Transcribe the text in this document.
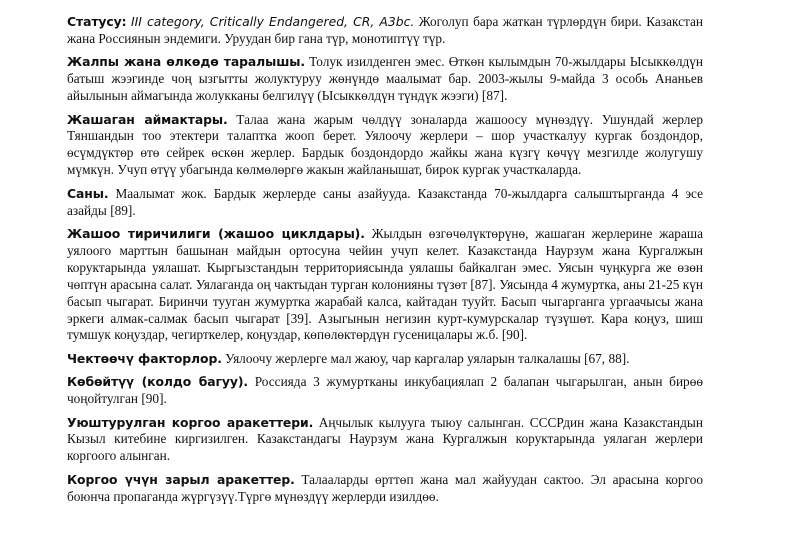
Статусу: III category, Critically Endangered, CR, A3bc. Жоголуп бара жаткан түрлөрдүн бири. Казакстан жана Россиянын эндемиги. Уруудан бир гана түр, монотиптүү түр.

Жалпы жана өлкөдө таралышы. Толук изилденген эмес. Өткөн кылымдын 70-жылдары Ысыккөлдүн батыш жээгинде чоң ызгытты жолуктуруу жөнүндө маалымат бар. 2003-жылы 9-майда 3 особь Ананьев айылынын аймагында жолукканы белгилүү (Ысыккөлдүн түндүк жээги) [87].

Жашаган аймактары. Талаа жана жарым чөлдүү зоналарда жашоосу мүнөздүү. Ушундай жерлер Тяншандын тоо этектери талаптка жооп берет. Уялоочу жерлери – шор участкалуу кургак боздондор, өсүмдүктөр өтө сейрек өскөн жерлер. Бардык боздондордо жайкы жана күзгү көчүү мезгилде жолугушу мүмкүн. Учуп өтүү убагында көлмөлөргө жакын жайланышат, бирок кургак участкаларда.

Саны. Маалымат жок. Бардык жерлерде саны азайууда. Казакстанда 70-жылдарга салыштырганда 4 эсе азайды [89].

Жашоо тиричилиги (жашоо циклдары). Жылдын өзгөчөлүктөрүнө, жашаган жерлерине жараша уялоого марттын башынан майдын ортосуна чейин учуп келет. Казакстанда Наурзум жана Кургалжын коруктарында уялашат. Кыргызстандын территориясында уялашы байкалган эмес. Уясын чуңкурга же өзөн чөптүн арасына салат. Уялаганда оң чактыдан турган колонияны түзөт [87]. Уясында 4 жумуртка, аны 21-25 күн басып чыгарат. Биринчи тууган жумуртка жарабай калса, кайтадан тууйт. Басып чыгарганга ургаачысы жана эркеги алмак-салмак басып чыгарат [39]. Азыгынын негизин курт-кумурскалар түзүшөт. Кара коңуз, шиш тумшук коңуздар, чегирткелер, коңуздар, көпөлөктөрдүн гусеницалары ж.б. [90].

Чектөөчү факторлор. Уялоочу жерлерге мал жаюу, чар каргалар уяларын талкалашы [67, 88].

Көбөйтүү (колдо багуу). Россияда 3 жумуртканы инкубациялап 2 балапан чыгарылган, анын бирөө чоңойтулган [90].

Уюштурулган коргоо аракеттери. Аңчылык кылууга тыюу салынган. СССРдин жана Казакстандын Кызыл китебине киргизилген. Казакстандагы Наурзум жана Кургалжын коруктарында уялаган жерлери коргоого алынган.

Коргоо үчүн зарыл аракеттер. Талааларды өрттөп жана мал жайуудан сактоо. Эл арасына коргоо боюнча пропаганда жүргүзүү.Түргө мүнөздүү жерлерди изилдөө.
